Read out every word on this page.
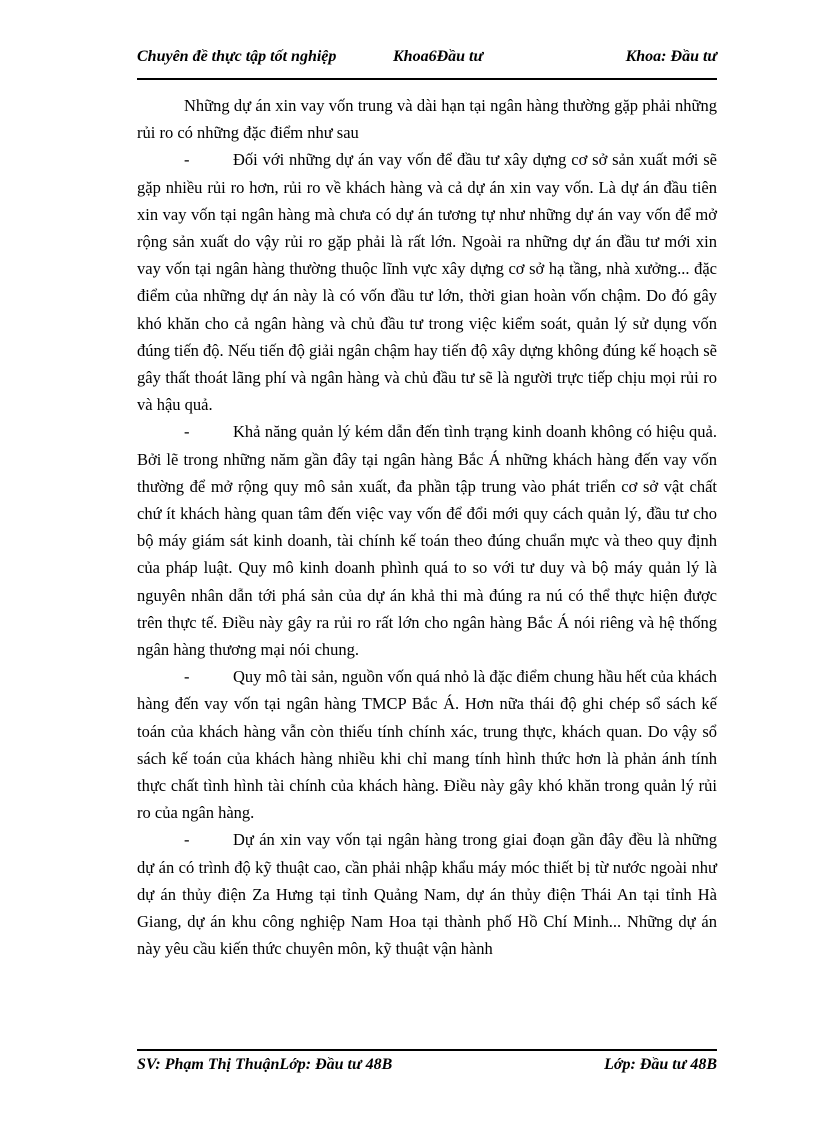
Chuyên đề thực tập tốt nghiệp	Khoa6Đầu tư	Khoa: Đầu tư

Những dự án xin vay vốn trung và dài hạn tại ngân hàng thường gặp phải những rủi ro có những đặc điểm như sau

-	Đối với những dự án vay vốn để đầu tư xây dựng cơ sở sản xuất mới sẽ gặp nhiều rủi ro hơn, rủi ro về khách hàng và cả dự án xin vay vốn. Là dự án đầu tiên xin vay vốn tại ngân hàng mà chưa có dự án tương tự như những dự án vay vốn để mở rộng sản xuất do vậy rủi ro gặp phải là rất lớn. Ngoài ra những dự án đầu tư mới xin vay vốn tại ngân hàng thường thuộc lĩnh vực xây dựng cơ sở hạ tầng, nhà xưởng... đặc điểm của những dự án này là có vốn đầu tư lớn, thời gian hoàn vốn chậm. Do đó gây khó khăn cho cả ngân hàng và chủ đầu tư trong việc kiểm soát, quản lý sử dụng vốn đúng tiến độ. Nếu tiến độ giải ngân chậm hay tiến độ xây dựng không đúng kế hoạch sẽ gây thất thoát lãng phí và ngân hàng và chủ đầu tư sẽ là người trực tiếp chịu mọi rủi ro và hậu quả.

-	Khả năng quản lý kém dẫn đến tình trạng kinh doanh không có hiệu quả. Bởi lẽ trong những năm gần đây tại ngân hàng Bắc Á những khách hàng đến vay vốn thường để mở rộng quy mô sản xuất, đa phần tập trung vào phát triển cơ sở vật chất chứ ít khách hàng quan tâm đến việc vay vốn để đổi mới quy cách quản lý, đầu tư cho bộ máy giám sát kinh doanh, tài chính kế toán theo đúng chuẩn mực và theo quy định của pháp luật. Quy mô kinh doanh phình quá to so với tư duy và bộ máy quản lý là nguyên nhân dẫn tới phá sản của dự án khả thi mà đúng ra nú có thể thực hiện được trên thực tế. Điều này gây ra rủi ro rất lớn cho ngân hàng Bắc Á nói riêng và hệ thống ngân hàng thương mại nói chung.

-	Quy mô tài sản, nguồn vốn quá nhỏ là đặc điểm chung hầu hết của khách hàng đến vay vốn tại ngân hàng TMCP Bắc Á. Hơn nữa thái độ ghi chép sổ sách kế toán của khách hàng vẫn còn thiếu tính chính xác, trung thực, khách quan. Do vậy sổ sách kế toán của khách hàng nhiều khi chỉ mang tính hình thức hơn là phản ánh tính thực chất tình hình tài chính của khách hàng. Điều này gây khó khăn trong quản lý rủi ro của ngân hàng.

-	Dự án xin vay vốn tại ngân hàng trong giai đoạn gần đây đều là những dự án có trình độ kỹ thuật cao, cần phải nhập khẩu máy móc thiết bị từ nước ngoài như dự án thủy điện Za Hưng tại tỉnh Quảng Nam, dự án thủy điện Thái An tại tỉnh Hà Giang, dự án khu công nghiệp Nam Hoa tại thành phố Hồ Chí Minh... Những dự án này yêu cầu kiến thức chuyên môn, kỹ thuật vận hành

SV: Phạm Thị ThuậnLớp: Đầu tư 48B	Lớp: Đầu tư 48B
